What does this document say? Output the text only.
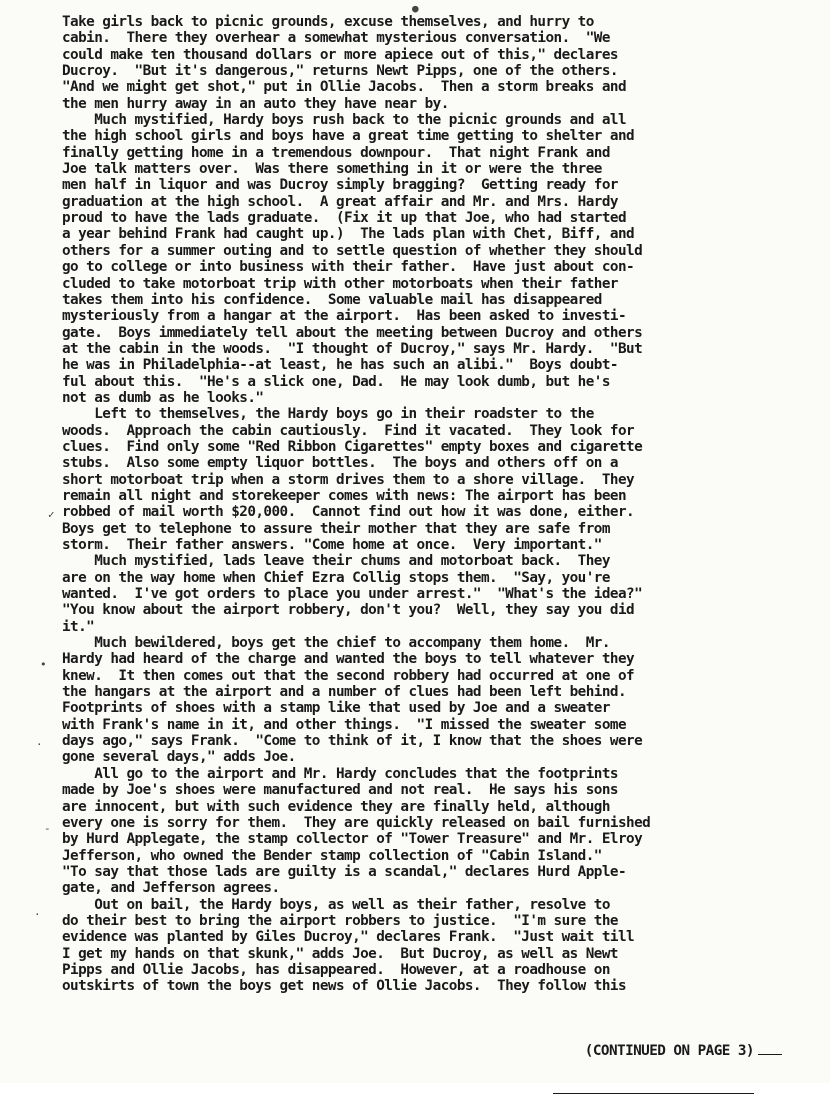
Take girls back to picnic grounds, excuse themselves, and hurry to
cabin.  There they overhear a somewhat mysterious conversation.  "We
could make ten thousand dollars or more apiece out of this," declares
Ducroy.  "But it's dangerous," returns Newt Pipps, one of the others.
"And we might get shot," put in Ollie Jacobs.  Then a storm breaks and
the men hurry away in an auto they have near by.
Much mystified, Hardy boys rush back to the picnic grounds and all
the high school girls and boys have a great time getting to shelter and
finally getting home in a tremendous downpour.  That night Frank and
Joe talk matters over.  Was there something in it or were the three
men half in liquor and was Ducroy simply bragging?  Getting ready for
graduation at the high school.  A great affair and Mr. and Mrs. Hardy
proud to have the lads graduate.  (Fix it up that Joe, who had started
a year behind Frank had caught up.)  The lads plan with Chet, Biff, and
others for a summer outing and to settle question of whether they should
go to college or into business with their father.  Have just about con-
cluded to take motorboat trip with other motorboats when their father
takes them into his confidence.  Some valuable mail has disappeared
mysteriously from a hangar at the airport.  Has been asked to investi-
gate.  Boys immediately tell about the meeting between Ducroy and others
at the cabin in the woods.  "I thought of Ducroy," says Mr. Hardy.  "But
he was in Philadelphia--at least, he has such an alibi."  Boys doubt-
ful about this.  "He's a slick one, Dad.  He may look dumb, but he's
not as dumb as he looks."
Left to themselves, the Hardy boys go in their roadster to the
woods.  Approach the cabin cautiously.  Find it vacated.  They look for
clues.  Find only some "Red Ribbon Cigarettes" empty boxes and cigarette
stubs.  Also some empty liquor bottles.  The boys and others off on a
short motorboat trip when a storm drives them to a shore village.  They
remain all night and storekeeper comes with news: The airport has been
robbed of mail worth $20,000.  Cannot find out how it was done, either.
Boys get to telephone to assure their mother that they are safe from
storm.  Their father answers. "Come home at once.  Very important."
Much mystified, lads leave their chums and motorboat back.  They
are on the way home when Chief Ezra Collig stops them.  "Say, you're
wanted.  I've got orders to place you under arrest."  "What's the idea?"
"You know about the airport robbery, don't you?  Well, they say you did
it."
Much bewildered, boys get the chief to accompany them home.  Mr.
Hardy had heard of the charge and wanted the boys to tell whatever they
knew.  It then comes out that the second robbery had occurred at one of
the hangars at the airport and a number of clues had been left behind.
Footprints of shoes with a stamp like that used by Joe and a sweater
with Frank's name in it, and other things.  "I missed the sweater some
days ago," says Frank.  "Come to think of it, I know that the shoes were
gone several days," adds Joe.
All go to the airport and Mr. Hardy concludes that the footprints
made by Joe's shoes were manufactured and not real.  He says his sons
are innocent, but with such evidence they are finally held, although
every one is sorry for them.  They are quickly released on bail furnished
by Hurd Applegate, the stamp collector of "Tower Treasure" and Mr. Elroy
Jefferson, who owned the Bender stamp collection of "Cabin Island."
"To say that those lads are guilty is a scandal," declares Hurd Apple-
gate, and Jefferson agrees.
Out on bail, the Hardy boys, as well as their father, resolve to
do their best to bring the airport robbers to justice.  "I'm sure the
evidence was planted by Giles Ducroy," declares Frank.  "Just wait till
I get my hands on that skunk," adds Joe.  But Ducroy, as well as Newt
Pipps and Ollie Jacobs, has disappeared.  However, at a roadhouse on
outskirts of town the boys get news of Ollie Jacobs.  They follow this

(CONTINUED ON PAGE 3)

✓
•
·
-
·
●
